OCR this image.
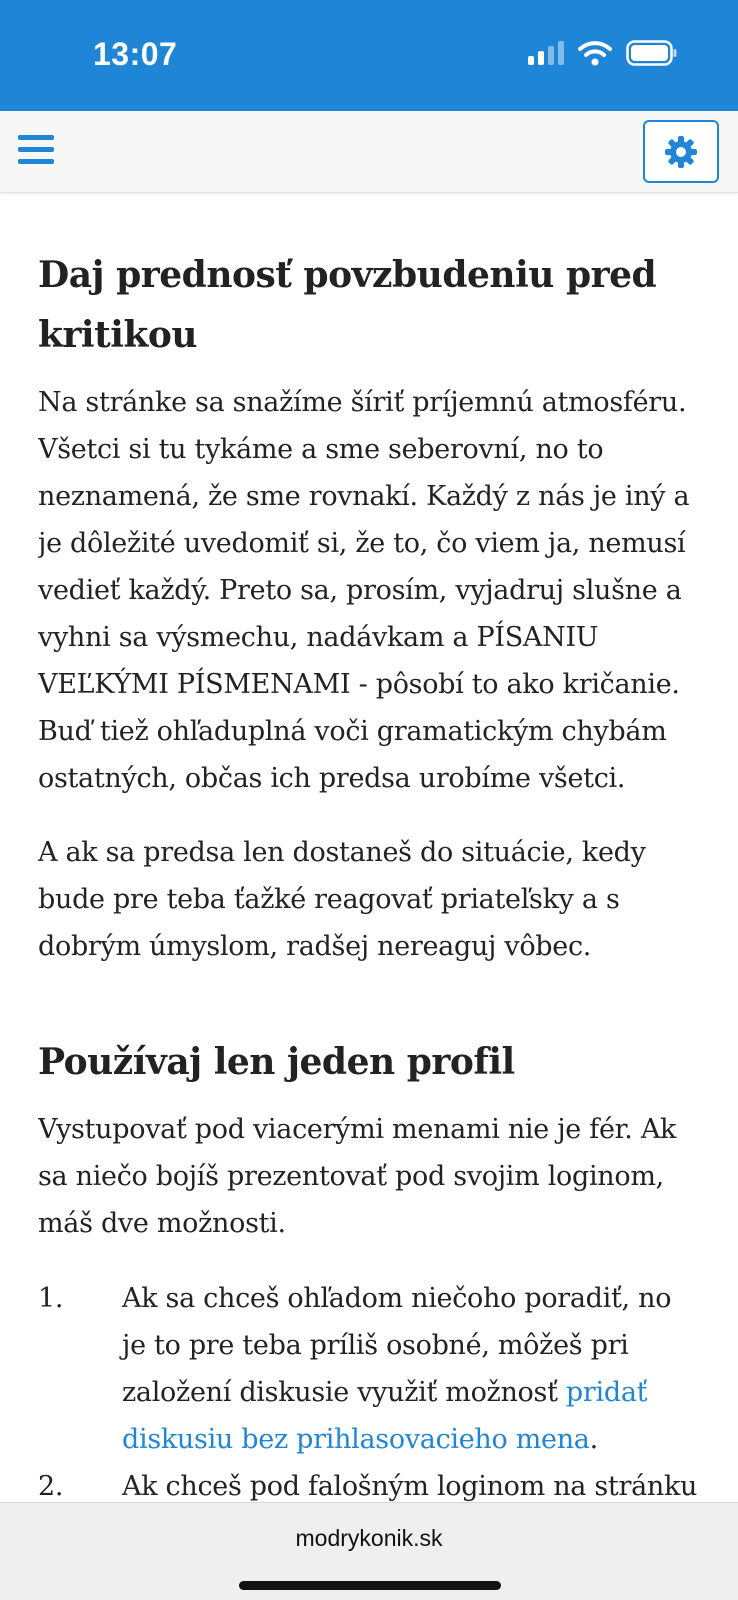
13:07
Daj prednosť povzbudeniu pred kritikou

Na stránke sa snažíme šíriť príjemnú atmosféru. Všetci si tu tykáme a sme seberovní, no to neznamená, že sme rovnakí. Každý z nás je iný a je dôležité uvedomiť si, že to, čo viem ja, nemusí vedieť každý. Preto sa, prosím, vyjadruj slušne a vyhni sa výsmechu, nadávkam a PÍSANIU VEĽKÝMI PÍSMENAMI - pôsobí to ako kričanie. Buď tiež ohľaduplná voči gramatickým chybám ostatných, občas ich predsa urobíme všetci.

A ak sa predsa len dostaneš do situácie, kedy bude pre teba ťažké reagovať priateľsky a s dobrým úmyslom, radšej nereaguj vôbec.

Používaj len jeden profil

Vystupovať pod viacerými menami nie je fér. Ak sa niečo bojíš prezentovať pod svojim loginom, máš dve možnosti.

1. Ak sa chceš ohľadom niečoho poradiť, no je to pre teba príliš osobné, môžeš pri založení diskusie využiť možnosť pridať diskusiu bez prihlasovacieho mena.
2. Ak chceš pod falošným loginom na stránku
modrykonik.sk
